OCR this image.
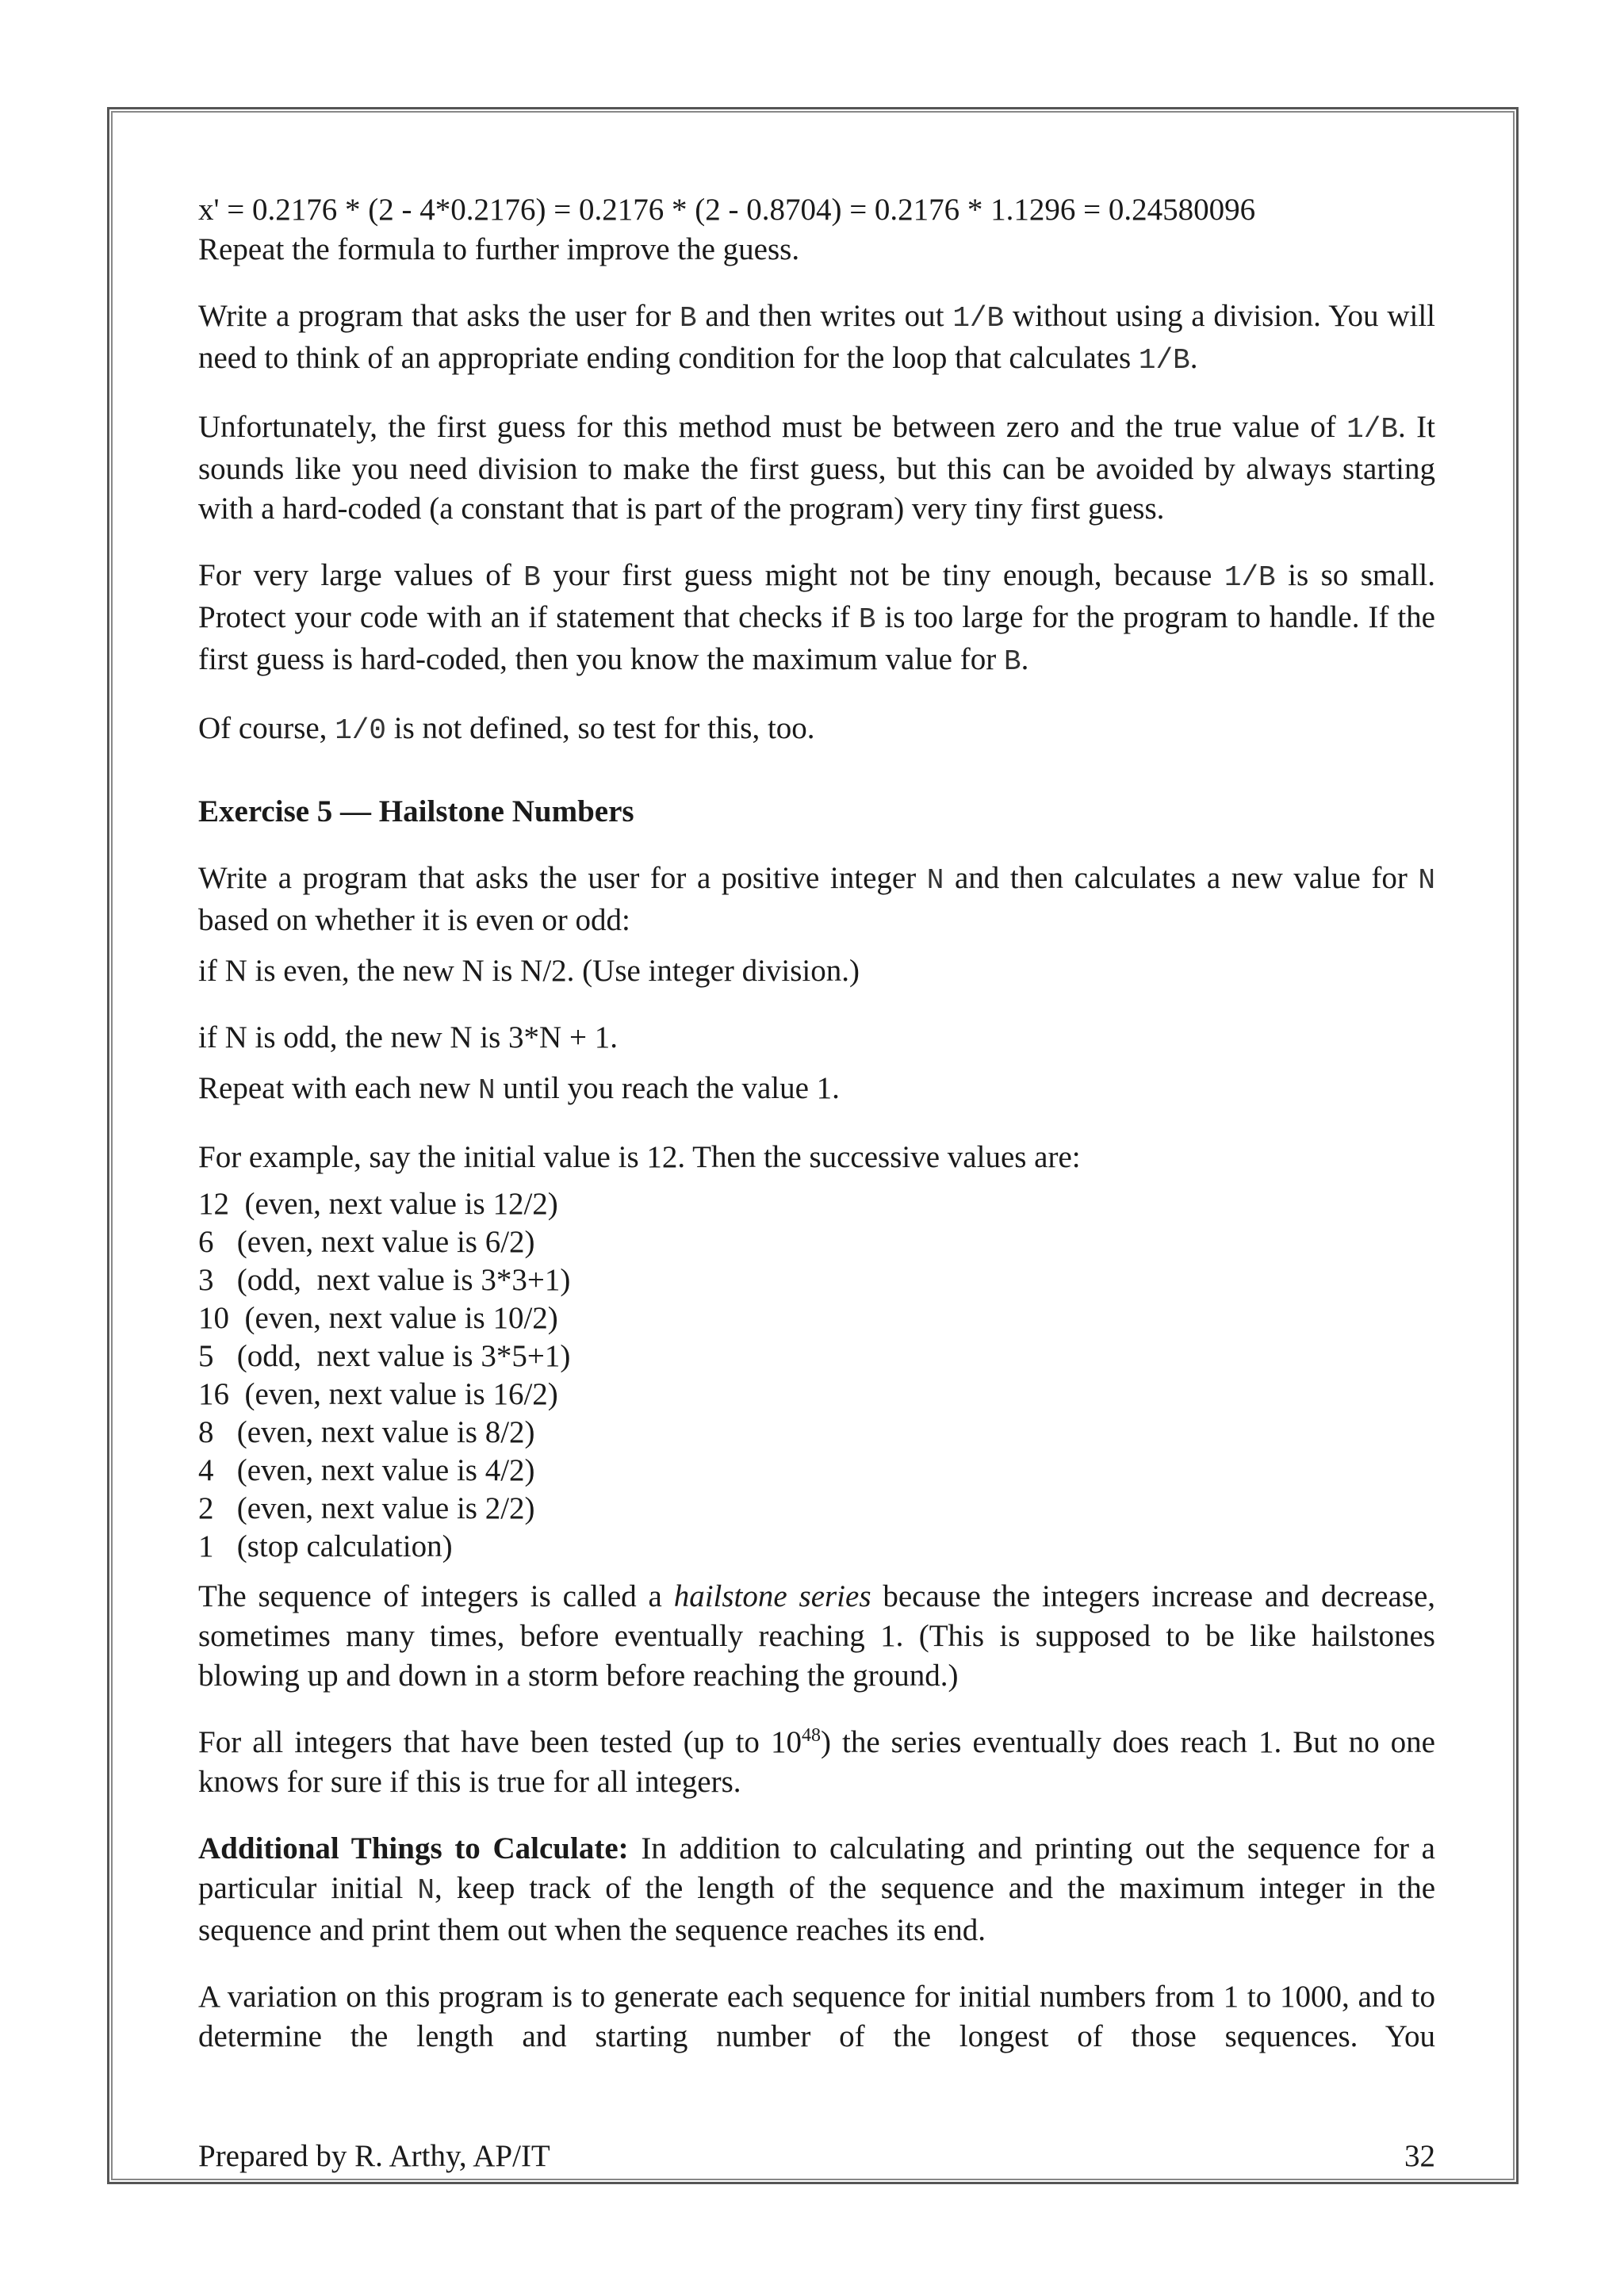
x' = 0.2176 * (2 - 4*0.2176) = 0.2176 * (2 - 0.8704) = 0.2176 * 1.1296 = 0.24580096

Repeat the formula to further improve the guess.

Write a program that asks the user for B and then writes out 1/B without using a division. You will need to think of an appropriate ending condition for the loop that calculates 1/B.

Unfortunately, the first guess for this method must be between zero and the true value of 1/B. It sounds like you need division to make the first guess, but this can be avoided by always starting with a hard-coded (a constant that is part of the program) very tiny first guess.

For very large values of B your first guess might not be tiny enough, because 1/B is so small. Protect your code with an if statement that checks if B is too large for the program to handle. If the first guess is hard-coded, then you know the maximum value for B.

Of course, 1/0 is not defined, so test for this, too.

Exercise 5 — Hailstone Numbers

Write a program that asks the user for a positive integer N and then calculates a new value for N based on whether it is even or odd:

if N is even, the new N is N/2. (Use integer division.)

if N is odd, the new N is 3*N + 1.

Repeat with each new N until you reach the value 1.

For example, say the initial value is 12. Then the successive values are:

12  (even, next value is 12/2)
6   (even, next value is 6/2)
3   (odd,  next value is 3*3+1)
10  (even, next value is 10/2)
5   (odd,  next value is 3*5+1)
16  (even, next value is 16/2)
8   (even, next value is 8/2)
4   (even, next value is 4/2)
2   (even, next value is 2/2)
1   (stop calculation)

The sequence of integers is called a hailstone series because the integers increase and decrease, sometimes many times, before eventually reaching 1. (This is supposed to be like hailstones blowing up and down in a storm before reaching the ground.)

For all integers that have been tested (up to $10^{48}$) the series eventually does reach 1. But no one knows for sure if this is true for all integers.

Additional Things to Calculate: In addition to calculating and printing out the sequence for a particular initial N, keep track of the length of the sequence and the maximum integer in the sequence and print them out when the sequence reaches its end.

A variation on this program is to generate each sequence for initial numbers from 1 to 1000, and to determine the length and starting number of the longest of those sequences. You

Prepared by R. Arthy, AP/IT	32
